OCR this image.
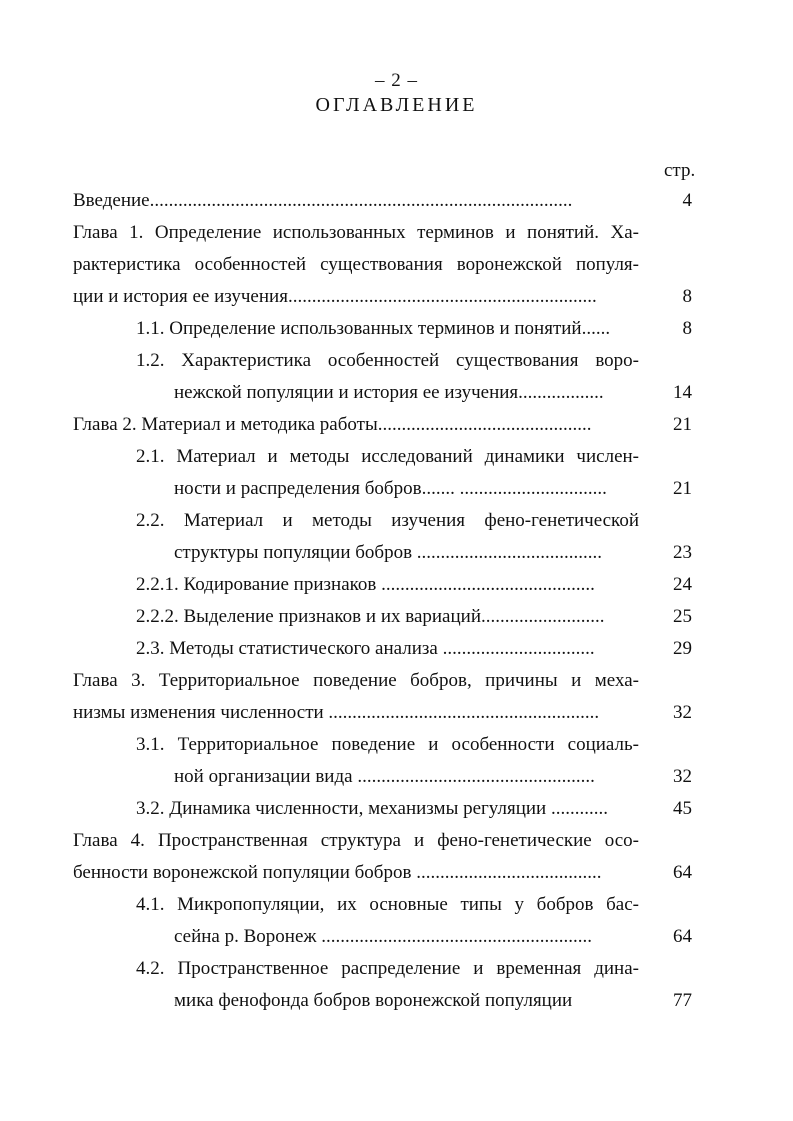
– 2 –
ОГЛАВЛЕНИЕ
стр.
Введение.........................................................................................	4
Глава 1. Определение использованных терминов и понятий. Ха-
рактеристика особенностей существования воронежской популя-
ции и история ее изучения.................................................................	8
1.1. Определение использованных терминов и понятий......	8
1.2. Характеристика особенностей существования воро-
нежской популяции и история ее изучения..................	14
Глава 2. Материал и методика работы.............................................	21
2.1. Материал и методы исследований динамики числен-
ности и распределения бобров....... ...............................	21
2.2. Материал и методы изучения фено-генетической
структуры популяции бобров .......................................	23
2.2.1. Кодирование признаков .............................................	24
2.2.2. Выделение признаков и их вариаций..........................	25
2.3. Методы статистического анализа ................................	29
Глава 3. Территориальное поведение бобров, причины и меха-
низмы изменения численности .........................................................	32
3.1. Территориальное поведение и особенности социаль-
ной организации вида ..................................................	32
3.2. Динамика численности, механизмы регуляции ............	45
Глава 4. Пространственная структура и фено-генетические осо-
бенности воронежской популяции бобров .......................................	64
4.1. Микропопуляции, их основные типы у бобров бас-
сейна р. Воронеж .........................................................	64
4.2. Пространственное распределение и временная дина-
мика фенофонда бобров воронежской популяции	77
